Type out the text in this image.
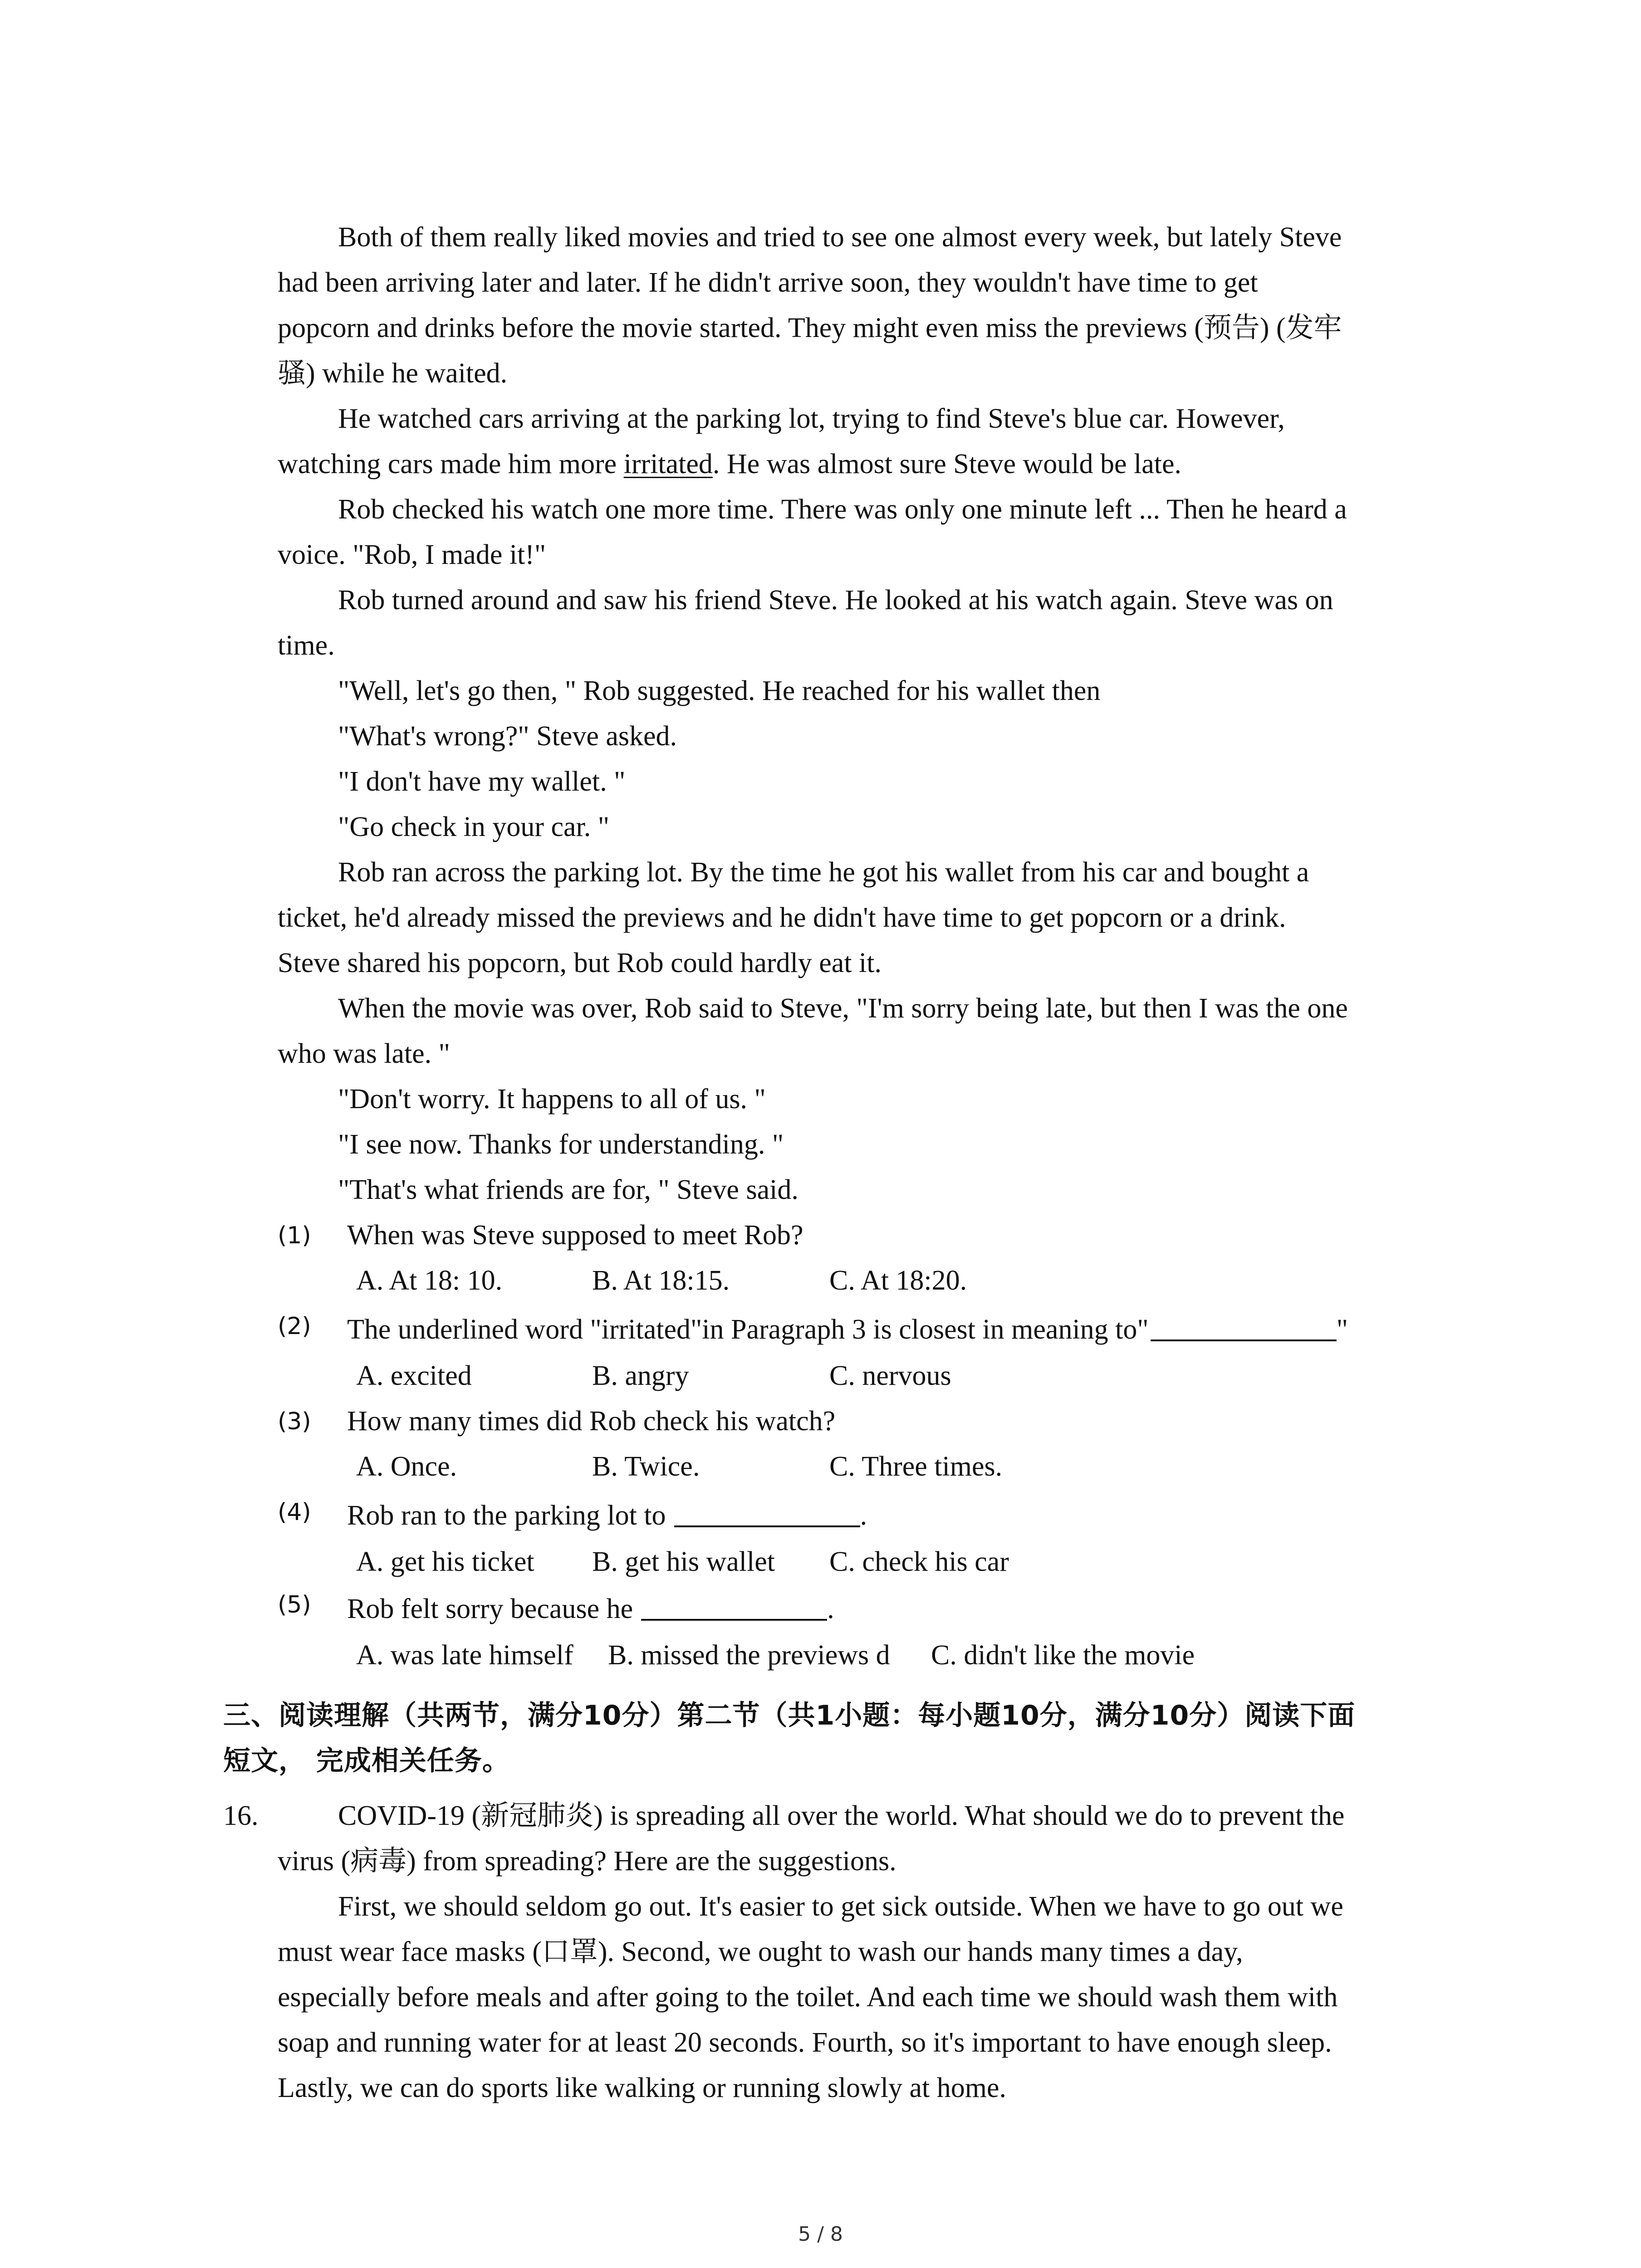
Both of them really liked movies and tried to see one almost every week, but lately Steve
had been arriving later and later. If he didn't arrive soon, they wouldn't have time to get
popcorn and drinks before the movie started. They might even miss the previews (预告) (发牢
骚) while he waited.
He watched cars arriving at the parking lot, trying to find Steve's blue car. However,
watching cars made him more irritated. He was almost sure Steve would be late.
Rob checked his watch one more time. There was only one minute left ... Then he heard a
voice. "Rob, I made it!"
Rob turned around and saw his friend Steve. He looked at his watch again. Steve was on
time.
"Well, let's go then, " Rob suggested. He reached for his wallet then
"What's wrong?" Steve asked.
"I don't have my wallet. "
"Go check in your car. "
Rob ran across the parking lot. By the time he got his wallet from his car and bought a
ticket, he'd already missed the previews and he didn't have time to get popcorn or a drink.
Steve shared his popcorn, but Rob could hardly eat it.
When the movie was over, Rob said to Steve, "I'm sorry being late, but then I was the one
who was late. "
"Don't worry. It happens to all of us. "
"I see now. Thanks for understanding. "
"That's what friends are for, " Steve said.
(1) When was Steve supposed to meet Rob?
A. At 18: 10.	B. At 18:15.	C. At 18:20.
(2) The underlined word "irritated"in Paragraph 3 is closest in meaning to"	"
A. excited	B. angry	C. nervous
(3) How many times did Rob check his watch?
A. Once.	B. Twice.	C. Three times.
(4) Rob ran to the parking lot to	.
A. get his ticket B. get his wallet C. check his car
(5) Rob felt sorry because he	.
A. was late himself B. missed the previews d C. didn't like the movie
三、阅读理解（共两节，满分10分）第二节（共1小题：每小题10分，满分10分）阅读下面
短文， 完成相关任务。
16.	COVID-19 (新冠肺炎) is spreading all over the world. What should we do to prevent the
virus (病毒) from spreading? Here are the suggestions.
First, we should seldom go out. It's easier to get sick outside. When we have to go out we
must wear face masks (口罩). Second, we ought to wash our hands many times a day,
especially before meals and after going to the toilet. And each time we should wash them with
soap and running water for at least 20 seconds. Fourth, so it's important to have enough sleep.
Lastly, we can do sports like walking or running slowly at home.
5 / 8
